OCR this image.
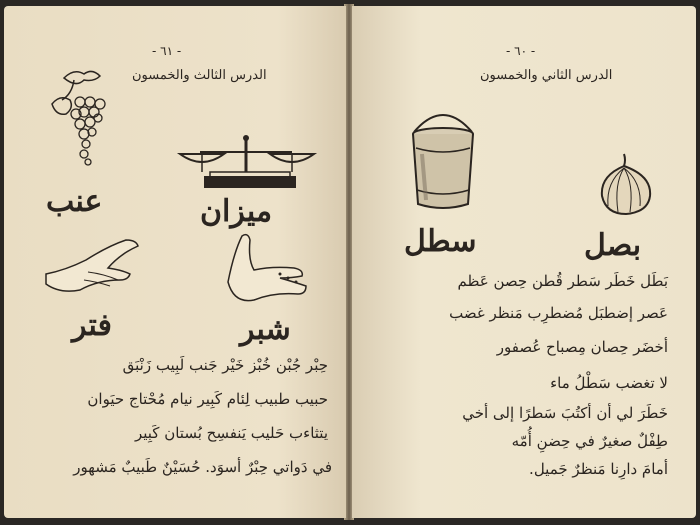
- ٦١ -
الدرس الثالث والخمسون
ميزان
عنب
فتر	شبر
حِبْر جُبْن خُبْز خَيْر جَنب لَبِيب زَنْبَق
حبيب طبيب لِئام كَبِير نيام مُحْتاج حيَوان
يتثاءب حَليب يَنفسِح بُستان كَبِير
في دَواتي حِبْرٌ أسوَد. حُسَيْنٌ طَبيبٌ مَشهور
- ٦٠ -
الدرس الثاني والخمسون
سطل	بصل
بَطَل خَطَر سَطر قُطن حِصن عَظم
عَصر إضطبَل مُضطرِب مَنظر غضب
أخضَر حِصان مِصباح عُصفور
لا تغضب سَطْلُ ماء
خَطَرَ لي أن أكتُبَ سَطرًا إلى أخي
طِفْلٌ صغيرٌ في حِضنِ أُمّه
أمامَ دارِنا مَنظرٌ جَميل.
